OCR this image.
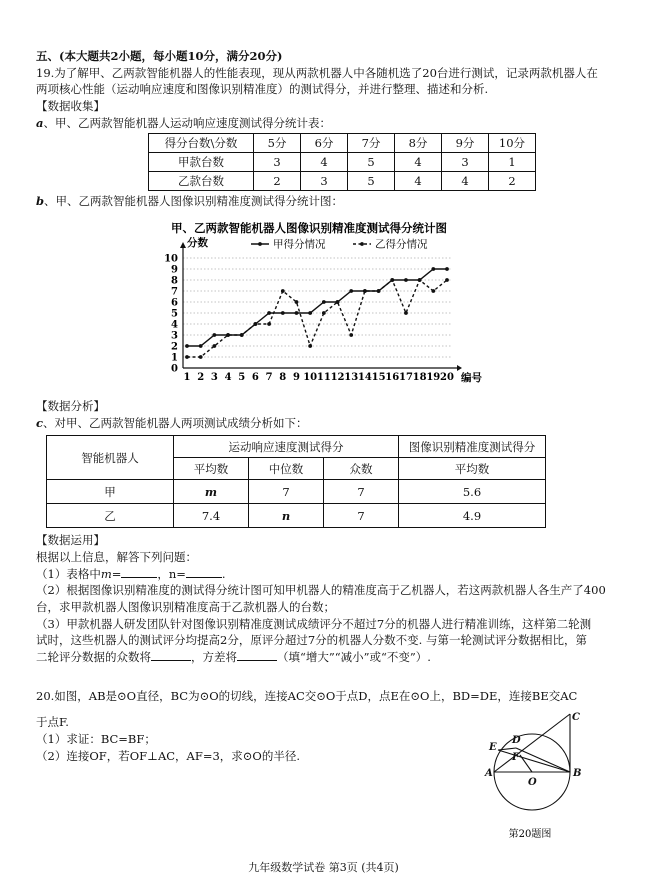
五、(本大题共2小题，每小题10分，满分20分)

19.为了解甲、乙两款智能机器人的性能表现，现从两款机器人中各随机选了20台进行测试，记录两款机器人在

两项核心性能（运动响应速度和图像识别精准度）的测试得分，并进行整理、描述和分析.

【数据收集】

a、甲、乙两款智能机器人运动响应速度测试得分统计表：

得分台数\分数	5分	6分	7分	8分	9分	10分
甲款台数	3	4	5	4	3	1
乙款台数	2	3	5	4	4	2

b、甲、乙两款智能机器人图像识别精准度测试得分统计图：

甲、乙两款智能机器人图像识别精准度测试得分统计图
0
1
2
3
4
5
6
7
8
9
10
1 2 3 4 5 6 7 8 9 10 11 12 13 14 15 16 17 18 19 20
分数
编号
甲得分情况	乙得分情况

【数据分析】

c、对甲、乙两款智能机器人两项测试成绩分析如下：

智能机器人	运动响应速度测试得分			图像识别精准度测试得分
	平均数	中位数	众数	平均数
甲	m	7	7	5.6
乙	7.4	n	7	4.9

【数据运用】

根据以上信息，解答下列问题：

（1）表格中m=	，n=	.

（2）根据图像识别精准度的测试得分统计图可知甲机器人的精准度高于乙机器人，若这两款机器人各生产了400

台，求甲款机器人图像识别精准度高于乙款机器人的台数；

（3）甲款机器人研发团队针对图像识别精准度测试成绩评分不超过7分的机器人进行精准训练，这样第二轮测

试时，这些机器人的测试评分均提高2分，原评分超过7分的机器人分数不变. 与第一轮测试评分数据相比，第

二轮评分数据的众数将	，方差将	（填“增大”“减小”或“不变”）.

20.如图，AB是⊙O直径，BC为⊙O的切线，连接AC交⊙O于点D，点E在⊙O上，BD=DE，连接BE交AC

于点F.

（1）求证：BC=BF；

（2）连接OF，若OF⊥AC，AF=3，求⊙O的半径.

C
D
E
F
A	B
O
第20题图
九年级数学试卷 第3页 (共4页)
